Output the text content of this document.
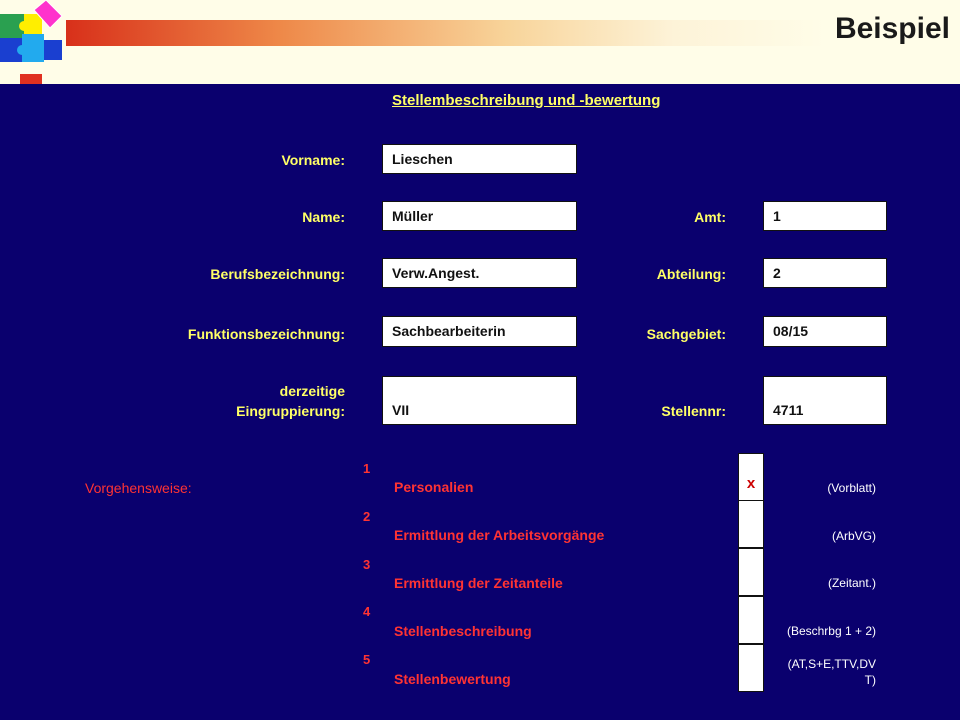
Beispiel
Stellembeschreibung und -bewertung
Vorname:
Name:
Berufsbezeichnung:
Funktionsbezeichnung:
derzeitige
Eingruppierung:
Lieschen
Müller
Verw.Angest.
Sachbearbeiterin
VII
Amt:
Abteilung:
Sachgebiet:
Stellennr:
1
2
08/15
4711
Vorgehensweise:
1
2
3
4
5
Personalien
Ermittlung der Arbeitsvorgänge
Ermittlung der Zeitanteile
Stellenbeschreibung
Stellenbewertung
x	(Vorblatt)
(ArbVG)
(Zeitant.)
(Beschrbg 1 + 2)
(AT,S+E,TTV,DV
T)
